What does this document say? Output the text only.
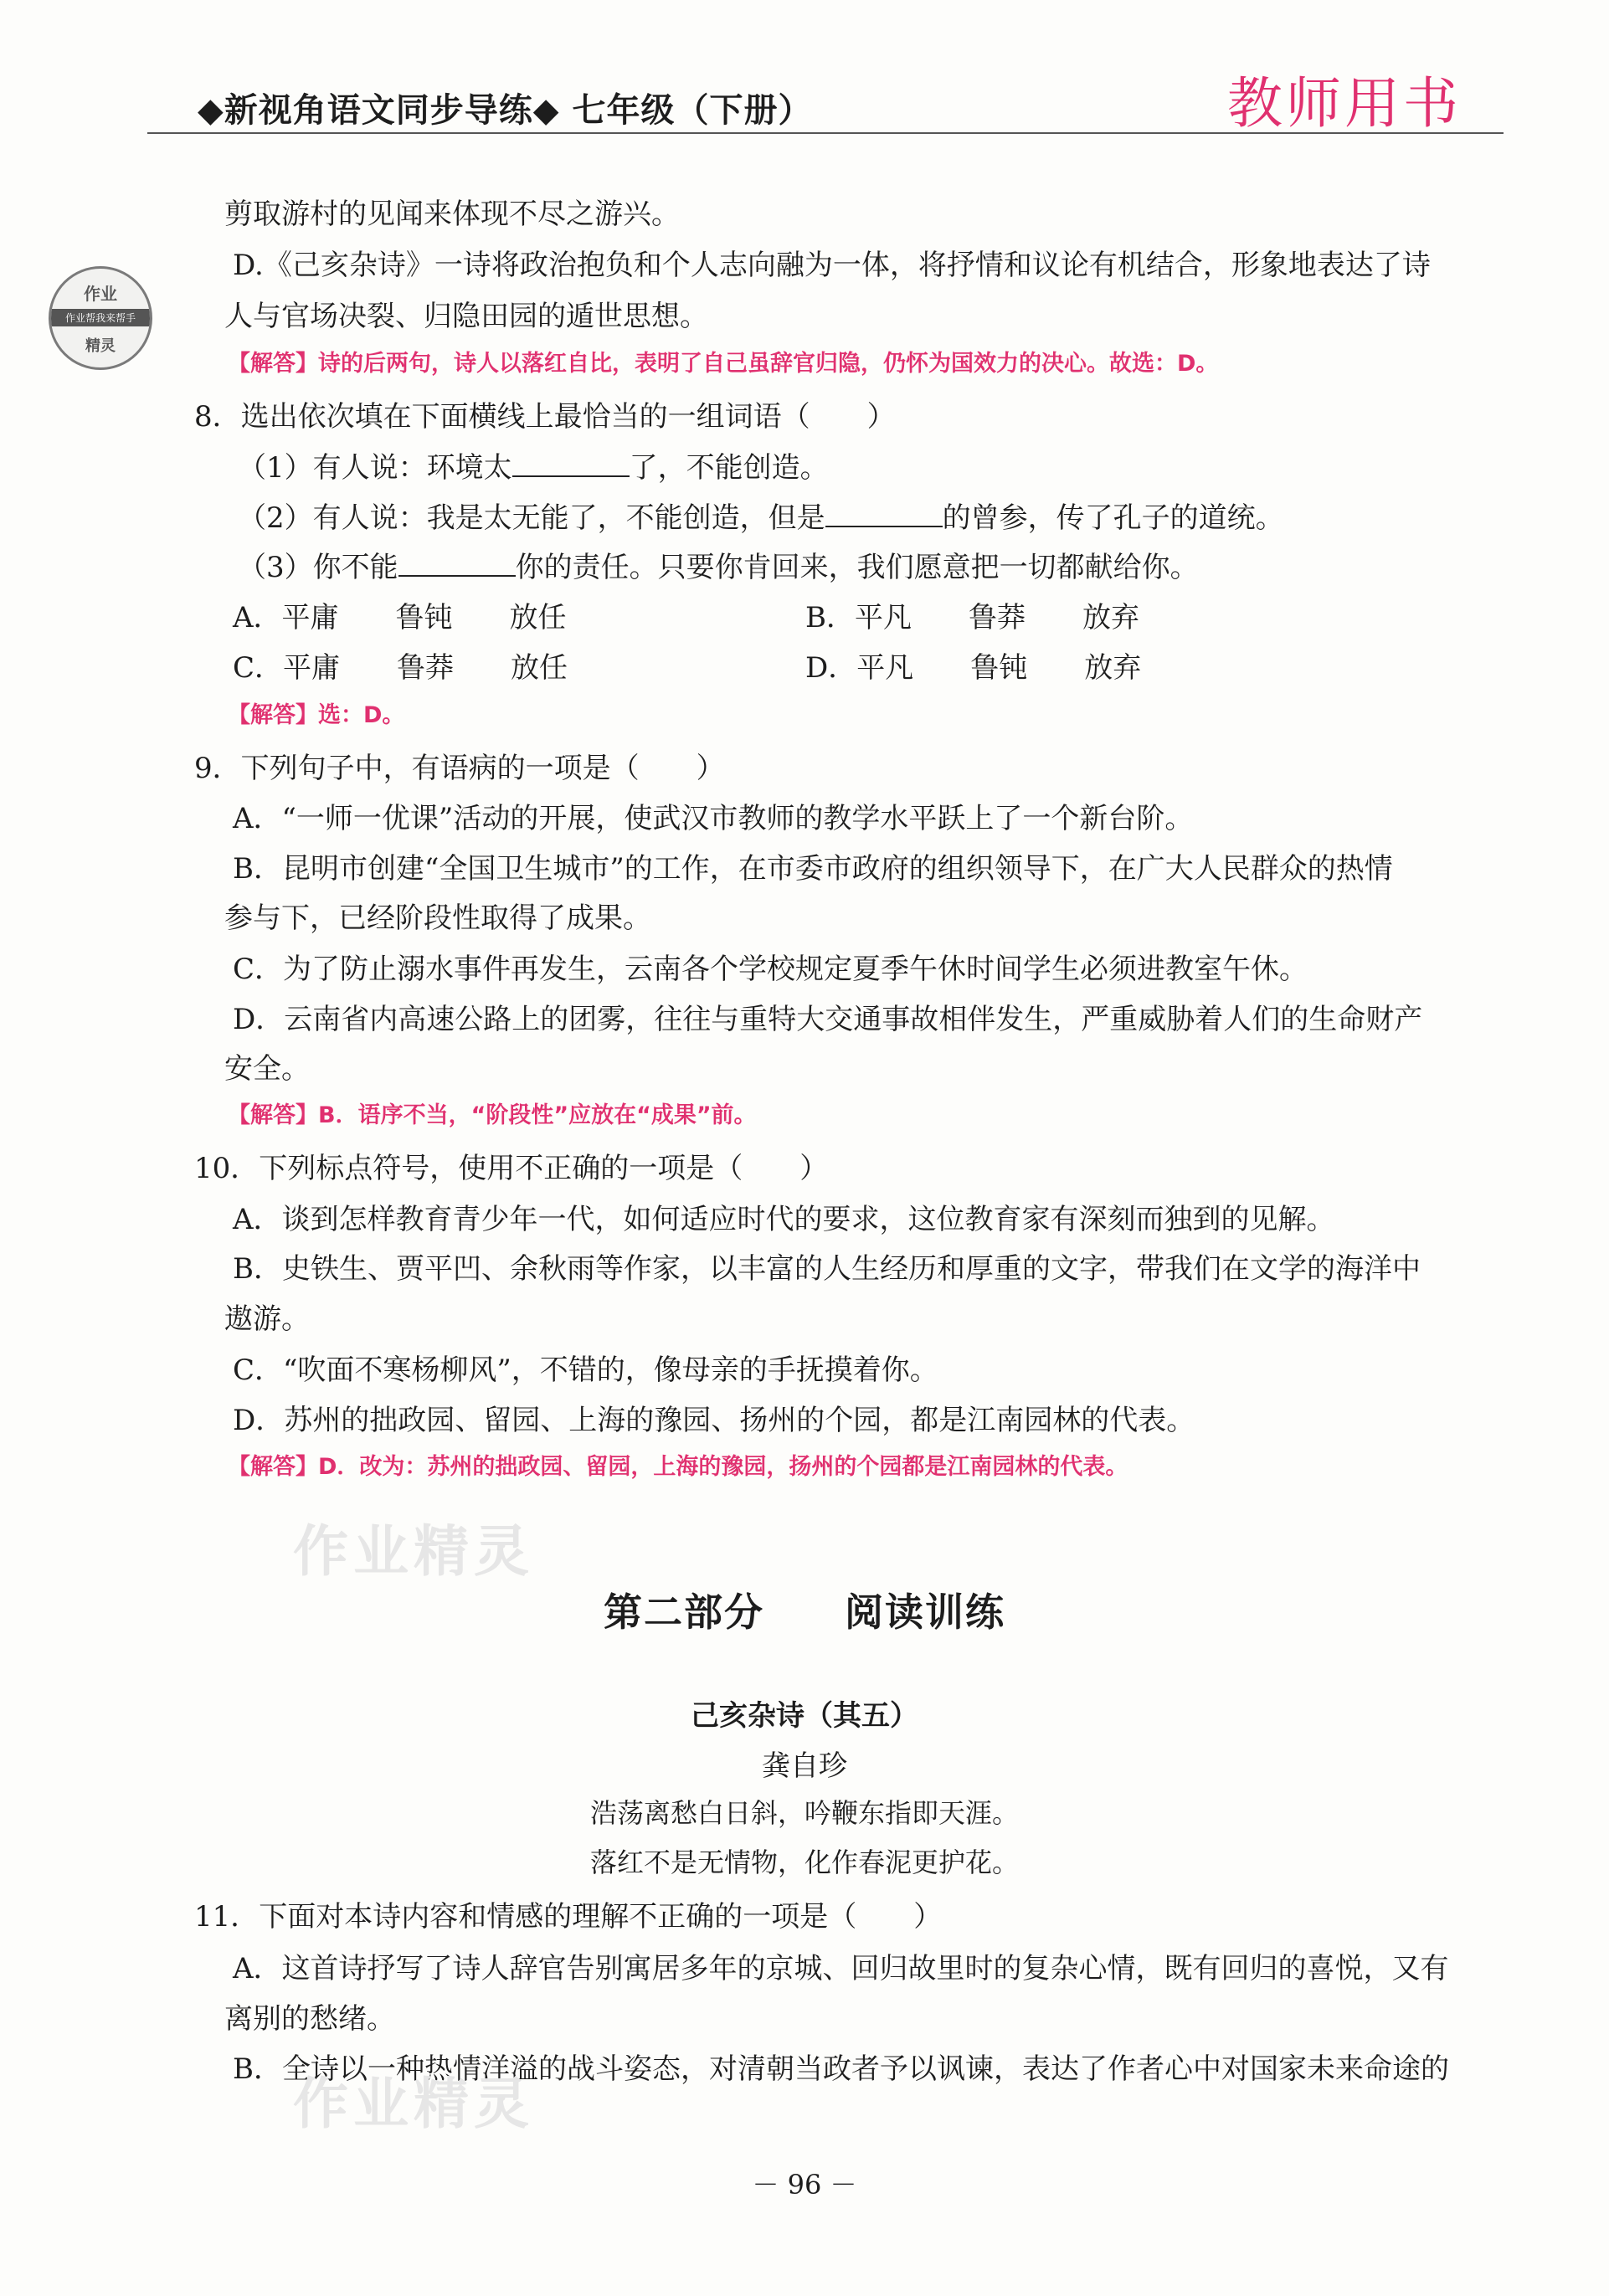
◆新视角语文同步导练◆ 七年级（下册）	教师用书
作业
作业帮我来帮手
精灵
剪取游村的见闻来体现不尽之游兴。
D.《己亥杂诗》一诗将政治抱负和个人志向融为一体，将抒情和议论有机结合，形象地表达了诗
人与官场决裂、归隐田园的遁世思想。
【解答】诗的后两句，诗人以落红自比，表明了自己虽辞官归隐，仍怀为国效力的决心。故选：D。
8．选出依次填在下面横线上最恰当的一组词语（　　）
（1）有人说：环境太	了，不能创造。
（2）有人说：我是太无能了，不能创造，但是	的曾参，传了孔子的道统。
（3）你不能	你的责任。只要你肯回来，我们愿意把一切都献给你。
A．平庸　　鲁钝　　放任	B．平凡　　鲁莽　　放弃
C．平庸　　鲁莽　　放任	D．平凡　　鲁钝　　放弃
【解答】选：D。
9．下列句子中，有语病的一项是（　　）
A．“一师一优课”活动的开展，使武汉市教师的教学水平跃上了一个新台阶。
B．昆明市创建“全国卫生城市”的工作，在市委市政府的组织领导下，在广大人民群众的热情
参与下，已经阶段性取得了成果。
C．为了防止溺水事件再发生，云南各个学校规定夏季午休时间学生必须进教室午休。
D．云南省内高速公路上的团雾，往往与重特大交通事故相伴发生，严重威胁着人们的生命财产
安全。
【解答】B．语序不当，“阶段性”应放在“成果”前。
10．下列标点符号，使用不正确的一项是（　　）
A．谈到怎样教育青少年一代，如何适应时代的要求，这位教育家有深刻而独到的见解。
B．史铁生、贾平凹、余秋雨等作家，以丰富的人生经历和厚重的文字，带我们在文学的海洋中
遨游。
C．“吹面不寒杨柳风”，不错的，像母亲的手抚摸着你。
D．苏州的拙政园、留园、上海的豫园、扬州的个园，都是江南园林的代表。
【解答】D．改为：苏州的拙政园、留园，上海的豫园，扬州的个园都是江南园林的代表。
作业精灵
第二部分　　阅读训练
己亥杂诗（其五）
龚自珍
浩荡离愁白日斜，吟鞭东指即天涯。
落红不是无情物，化作春泥更护花。
11．下面对本诗内容和情感的理解不正确的一项是（　　）
A．这首诗抒写了诗人辞官告别寓居多年的京城、回归故里时的复杂心情，既有回归的喜悦，又有
离别的愁绪。
B．全诗以一种热情洋溢的战斗姿态，对清朝当政者予以讽谏，表达了作者心中对国家未来命途的
作业精灵
－ 96 －
